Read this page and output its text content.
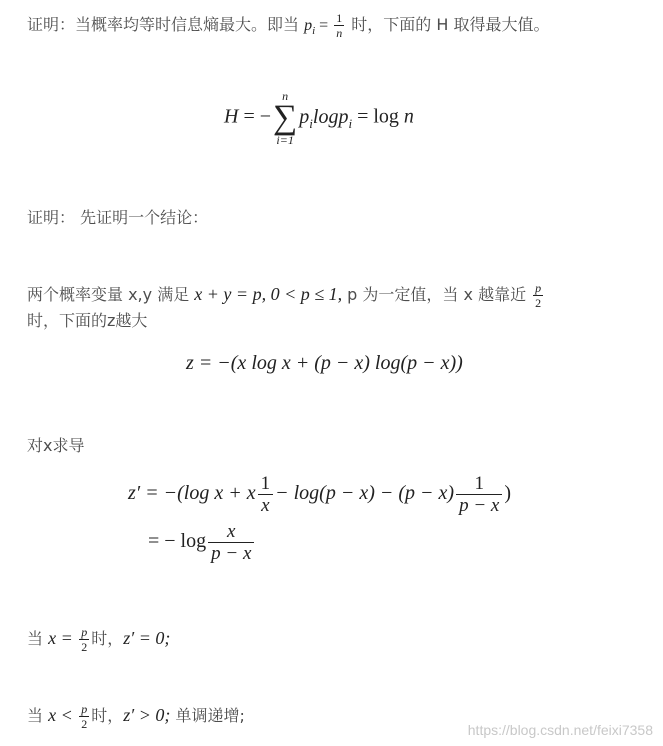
证明：当概率均等时信息熵最大。即当 $p_i = \frac{1}{n}$ 时，下面的 H 取得最大值。
H = −
n
∑
i=1
$p_i\log p_i = \log n$
证明： 先证明一个结论：
两个概率变量 x,y 满足 x + y = p, 0 < p ≤ 1, p 为一定值，当 x 越靠近 $\frac{p}{2}$
时，下面的z越大
z = −(x log x + (p − x) log(p − x))
对x求导
z′ = −(log x + x $\frac{1}{x} - \log(p - x) - (p - x) \frac{1}{p - x}$ )
= − $\log \frac{x}{p - x}$
当 $x = \frac{p}{2}$ 时，z′ = 0;
当 $x < \frac{p}{2}$ 时，z′ > 0; 单调递增;
https://blog.csdn.net/feixi7358
